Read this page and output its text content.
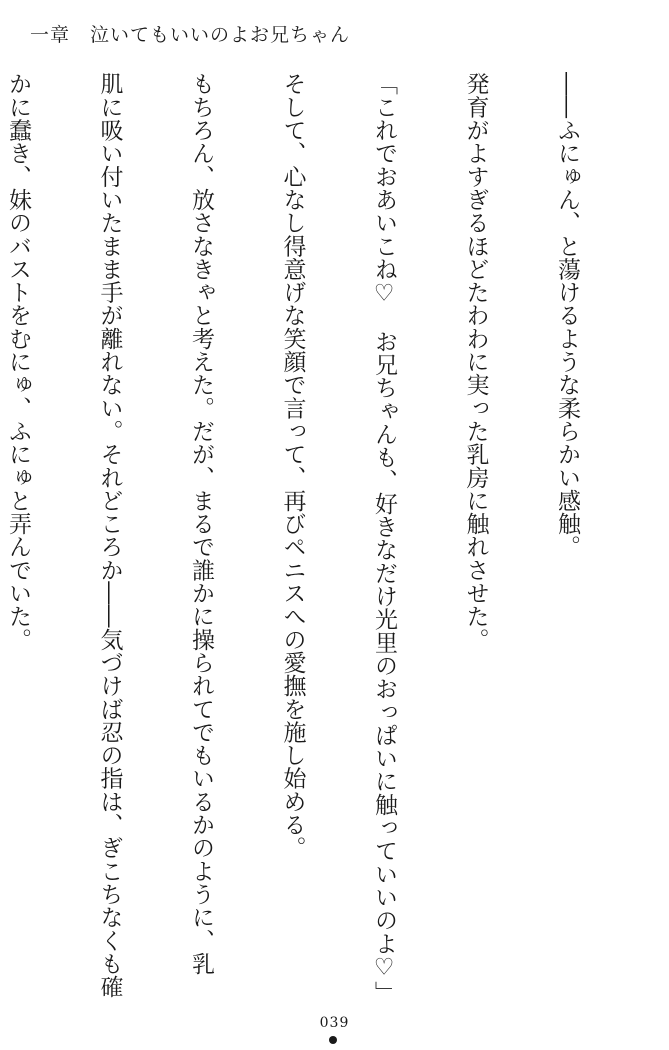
一章　泣いてもいいのよお兄ちゃん

――ふにゅん、と蕩けるような柔らかい感触。

発育がよすぎるほどたわわに実った乳房に触れさせた。

「これでおあいこね♡　お兄ちゃんも、好きなだけ光里のおっぱいに触っていいのよ♡」

そして、心なし得意げな笑顔で言って、再びペニスへの愛撫を施し始める。

もちろん、放さなきゃと考えた。だが、まるで誰かに操られてでもいるかのように、乳

肌に吸い付いたまま手が離れない。それどころか――気づけば忍の指は、ぎこちなくも確

かに蠢き、妹のバストをむにゅ、ふにゅと弄んでいた。

039
